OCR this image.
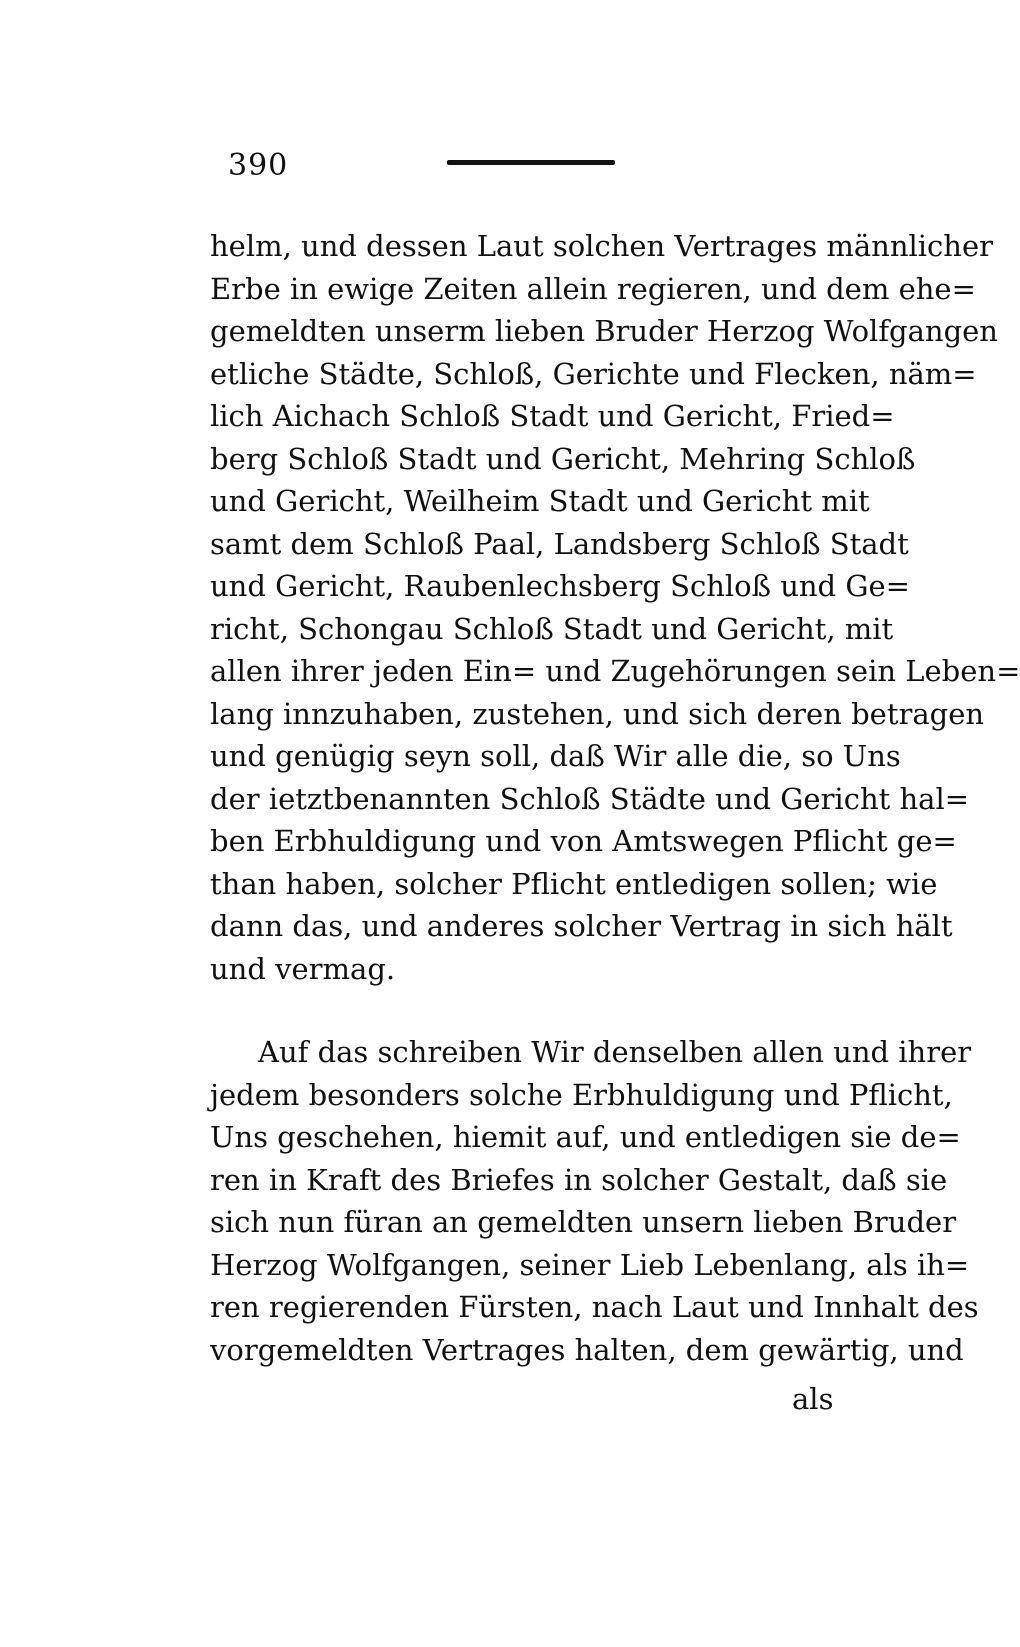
390
helm, und dessen Laut solchen Vertrages männlicher
Erbe in ewige Zeiten allein regieren, und dem ehe=
gemeldten unserm lieben Bruder Herzog Wolfgangen
etliche Städte, Schloß, Gerichte und Flecken, näm=
lich Aichach Schloß Stadt und Gericht, Fried=
berg Schloß Stadt und Gericht, Mehring Schloß
und Gericht, Weilheim Stadt und Gericht mit
samt dem Schloß Paal, Landsberg Schloß Stadt
und Gericht, Raubenlechsberg Schloß und Ge=
richt, Schongau Schloß Stadt und Gericht, mit
allen ihrer jeden Ein= und Zugehörungen sein Leben=
lang innzuhaben, zustehen, und sich deren betragen
und genügig seyn soll, daß Wir alle die, so Uns
der ietztbenannten Schloß Städte und Gericht hal=
ben Erbhuldigung und von Amtswegen Pflicht ge=
than haben, solcher Pflicht entledigen sollen; wie
dann das, und anderes solcher Vertrag in sich hält
und vermag.
Auf das schreiben Wir denselben allen und ihrer
jedem besonders solche Erbhuldigung und Pflicht,
Uns geschehen, hiemit auf, und entledigen sie de=
ren in Kraft des Briefes in solcher Gestalt, daß sie
sich nun füran an gemeldten unsern lieben Bruder
Herzog Wolfgangen, seiner Lieb Lebenlang, als ih=
ren regierenden Fürsten, nach Laut und Innhalt des
vorgemeldten Vertrages halten, dem gewärtig, und
als
